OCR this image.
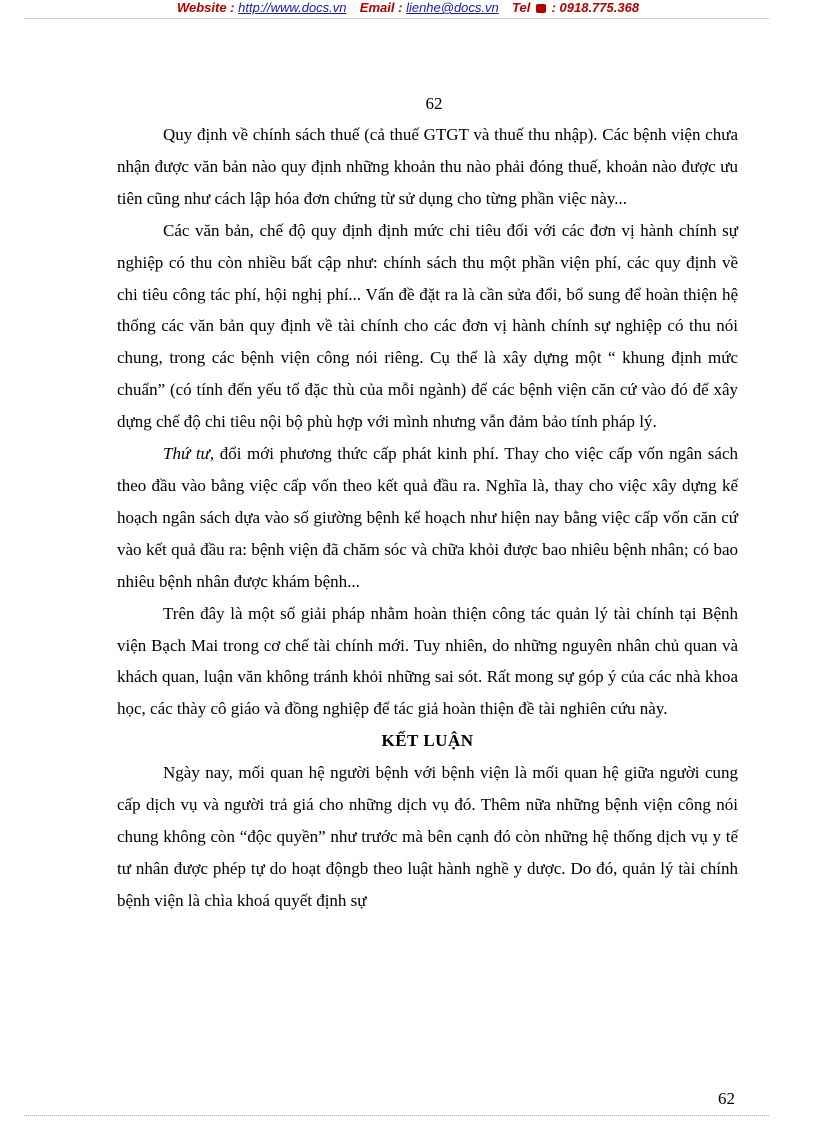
Website : http://www.docs.vn Email : lienhe@docs.vn Tel : 0918.775.368
62

Quy định về chính sách thuế (cả thuế GTGT và thuế thu nhập). Các bệnh viện chưa nhận được văn bản nào quy định những khoản thu nào phải đóng thuế, khoản nào được ưu tiên cũng như cách lập hóa đơn chứng từ sử dụng cho từng phần việc này...

Các văn bản, chế độ quy định định mức chi tiêu đối với các đơn vị hành chính sự nghiệp có thu còn nhiều bất cập như: chính sách thu một phần viện phí, các quy định về chi tiêu công tác phí, hội nghị phí... Vấn đề đặt ra là cần sửa đổi, bổ sung để hoàn thiện hệ thống các văn bản quy định về tài chính cho các đơn vị hành chính sự nghiệp có thu nói chung, trong các bệnh viện công nói riêng. Cụ thể là xây dựng một “ khung định mức chuẩn” (có tính đến yếu tố đặc thù của mỗi ngành) để các bệnh viện căn cứ vào đó để xây dựng chế độ chi tiêu nội bộ phù hợp với mình nhưng vẫn đảm bảo tính pháp lý.

Thứ tư, đổi mới phương thức cấp phát kinh phí. Thay cho việc cấp vốn ngân sách theo đầu vào bằng việc cấp vốn theo kết quả đầu ra. Nghĩa là, thay cho việc xây dựng kế hoạch ngân sách dựa vào số giường bệnh kế hoạch như hiện nay bằng việc cấp vốn căn cứ vào kết quả đầu ra: bệnh viện đã chăm sóc và chữa khỏi được bao nhiêu bệnh nhân; có bao nhiêu bệnh nhân được khám bệnh...

Trên đây là một số giải pháp nhằm hoàn thiện công tác quản lý tài chính tại Bệnh viện Bạch Mai trong cơ chế tài chính mới. Tuy nhiên, do những nguyên nhân chủ quan và khách quan, luận văn không tránh khỏi những sai sót. Rất mong sự góp ý của các nhà khoa học, các thày cô giáo và đồng nghiệp để tác giả hoàn thiện đề tài nghiên cứu này.

KẾT LUẬN

Ngày nay, mối quan hệ người bệnh với bệnh viện là mối quan hệ giữa người cung cấp dịch vụ và người trả giá cho những dịch vụ đó. Thêm nữa những bệnh viện công nói chung không còn “độc quyền” như trước mà bên cạnh đó còn những hệ thống dịch vụ y tế tư nhân được phép tự do hoạt độngb theo luật hành nghề y dược. Do đó, quản lý tài chính bệnh viện là chìa khoá quyết định sự

62
